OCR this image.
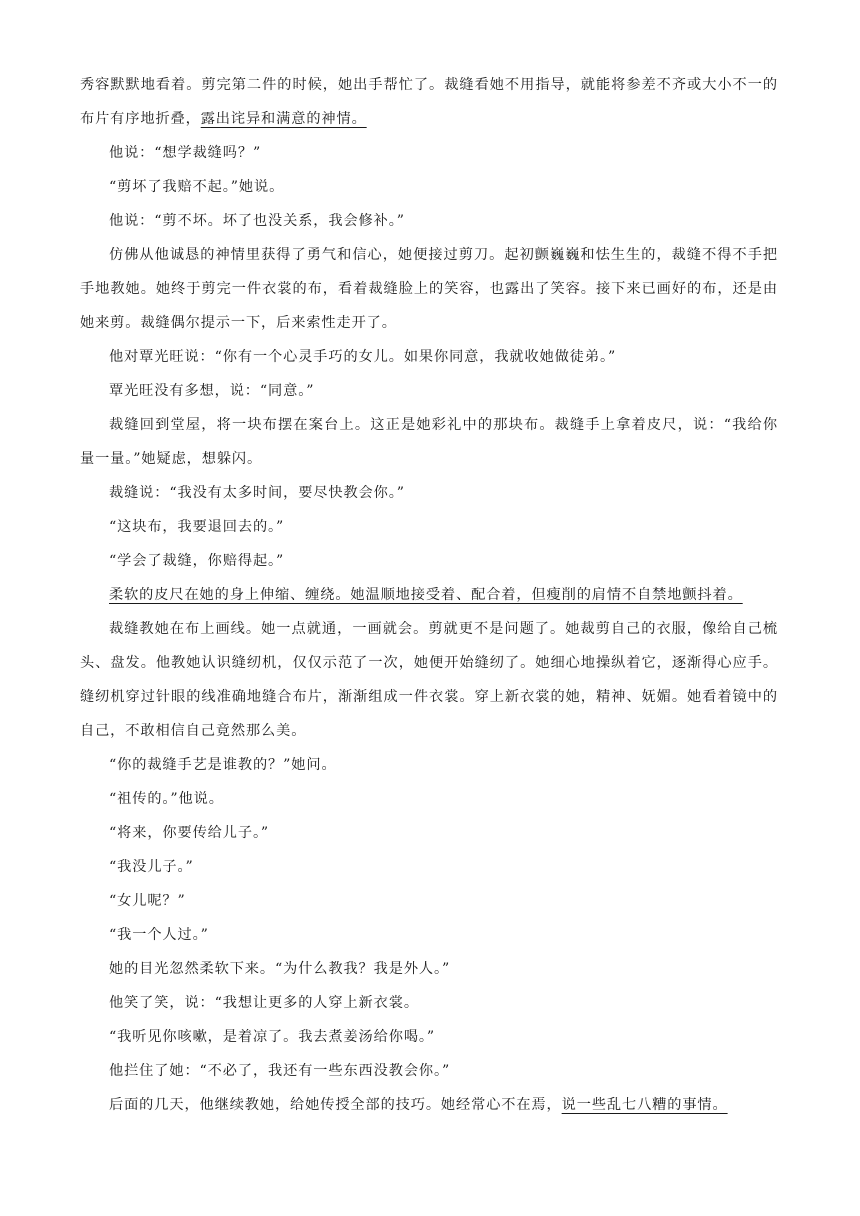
秀容默默地看着。剪完第二件的时候，她出手帮忙了。裁缝看她不用指导，就能将参差不齐或大小不一的布片有序地折叠，露出诧异和满意的神情。

他说：“想学裁缝吗？”

“剪坏了我赔不起。”她说。

他说：“剪不坏。坏了也没关系，我会修补。”

仿佛从他诚恳的神情里获得了勇气和信心，她便接过剪刀。起初颤巍巍和怯生生的，裁缝不得不手把手地教她。她终于剪完一件衣裳的布，看着裁缝脸上的笑容，也露出了笑容。接下来已画好的布，还是由她来剪。裁缝偶尔提示一下，后来索性走开了。

他对覃光旺说：“你有一个心灵手巧的女儿。如果你同意，我就收她做徒弟。”

覃光旺没有多想，说：“同意。”

裁缝回到堂屋，将一块布摆在案台上。这正是她彩礼中的那块布。裁缝手上拿着皮尺，说：“我给你量一量。”她疑虑，想躲闪。

裁缝说：“我没有太多时间，要尽快教会你。”

“这块布，我要退回去的。”

“学会了裁缝，你赔得起。”

柔软的皮尺在她的身上伸缩、缠绕。她温顺地接受着、配合着，但瘦削的肩情不自禁地颤抖着。

裁缝教她在布上画线。她一点就通，一画就会。剪就更不是问题了。她裁剪自己的衣服，像给自己梳头、盘发。他教她认识缝纫机，仅仅示范了一次，她便开始缝纫了。她细心地操纵着它，逐渐得心应手。缝纫机穿过针眼的线准确地缝合布片，渐渐组成一件衣裳。穿上新衣裳的她，精神、妩媚。她看着镜中的自己，不敢相信自己竟然那么美。

“你的裁缝手艺是谁教的？”她问。

“祖传的。”他说。

“将来，你要传给儿子。”

“我没儿子。”

“女儿呢？”

“我一个人过。”

她的目光忽然柔软下来。“为什么教我？我是外人。”

他笑了笑，说：“我想让更多的人穿上新衣裳。

“我听见你咳嗽，是着凉了。我去煮姜汤给你喝。”

他拦住了她：“不必了，我还有一些东西没教会你。”

后面的几天，他继续教她，给她传授全部的技巧。她经常心不在焉，说一些乱七八糟的事情。
